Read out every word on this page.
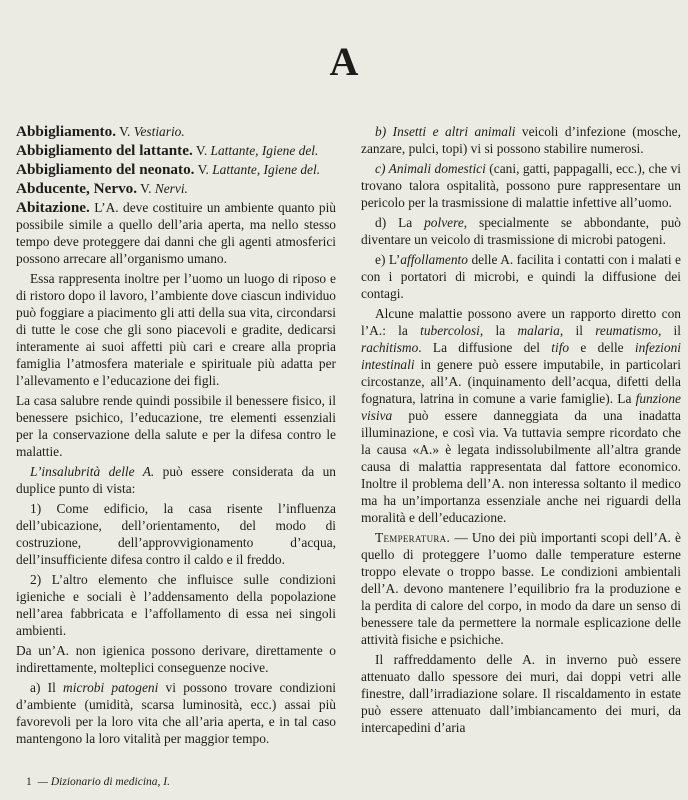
A

Abbigliamento. V. Vestiario.

Abbigliamento del lattante. V. Lattante, Igiene del.

Abbigliamento del neonato. V. Lattante, Igiene del.

Abducente, Nervo. V. Nervi.

Abitazione. L’A. deve costituire un ambiente quanto più possibile simile a quello dell’aria aperta, ma nello stesso tempo deve proteggere dai danni che gli agenti atmosferici possono arrecare all’organismo umano.

Essa rappresenta inoltre per l’uomo un luogo di riposo e di ristoro dopo il lavoro, l’ambiente dove ciascun individuo può foggiare a piacimento gli atti della sua vita, circondarsi di tutte le cose che gli sono piacevoli e gradite, dedicarsi interamente ai suoi affetti più cari e creare alla propria famiglia l’atmosfera materiale e spirituale più adatta per l’allevamento e l’educazione dei figli.

La casa salubre rende quindi possibile il benessere fisico, il benessere psichico, l’educazione, tre elementi essenziali per la conservazione della salute e per la difesa contro le malattie.

L’insalubrità delle A. può essere considerata da un duplice punto di vista:

1) Come edificio, la casa risente l’influenza dell’ubicazione, dell’orientamento, del modo di costruzione, dell’approvvigionamento d’acqua, dell’insufficiente difesa contro il caldo e il freddo.

2) L’altro elemento che influisce sulle condizioni igieniche e sociali è l’addensamento della popolazione nell’area fabbricata e l’affollamento di essa nei singoli ambienti.

Da un’A. non igienica possono derivare, direttamente o indirettamente, molteplici conseguenze nocive.

a) Il microbi patogeni vi possono trovare condizioni d’ambiente (umidità, scarsa luminosità, ecc.) assai più favorevoli per la loro vita che all’aria aperta, e in tal caso mantengono la loro vitalità per maggior tempo.

b) Insetti e altri animali veicoli d’infezione (mosche, zanzare, pulci, topi) vi si possono stabilire numerosi.

c) Animali domestici (cani, gatti, pappagalli, ecc.), che vi trovano talora ospitalità, possono pure rappresentare un pericolo per la trasmissione di malattie infettive all’uomo.

d) La polvere, specialmente se abbondante, può diventare un veicolo di trasmissione di microbi patogeni.

e) L’affollamento delle A. facilita i contatti con i malati e con i portatori di microbi, e quindi la diffusione dei contagi.

Alcune malattie possono avere un rapporto diretto con l’A.: la tubercolosi, la malaria, il reumatismo, il rachitismo. La diffusione del tifo e delle infezioni intestinali in genere può essere imputabile, in particolari circostanze, all’A. (inquinamento dell’acqua, difetti della fognatura, latrina in comune a varie famiglie). La funzione visiva può essere danneggiata da una inadatta illuminazione, e così via. Va tuttavia sempre ricordato che la causa «A.» è legata indissolubilmente all’altra grande causa di malattia rappresentata dal fattore economico. Inoltre il problema dell’A. non interessa soltanto il medico ma ha un’importanza essenziale anche nei riguardi della moralità e dell’educazione.

Temperatura. — Uno dei più importanti scopi dell’A. è quello di proteggere l’uomo dalle temperature esterne troppo elevate o troppo basse. Le condizioni ambientali dell’A. devono mantenere l’equilibrio fra la produzione e la perdita di calore del corpo, in modo da dare un senso di benessere tale da permettere la normale esplicazione delle attività fisiche e psichiche.

Il raffreddamento delle A. in inverno può essere attenuato dallo spessore dei muri, dai doppi vetri alle finestre, dall’irradiazione solare. Il riscaldamento in estate può essere attenuato dall’imbiancamento dei muri, da intercapedini d’aria

1 — Dizionario di medicina, I.
